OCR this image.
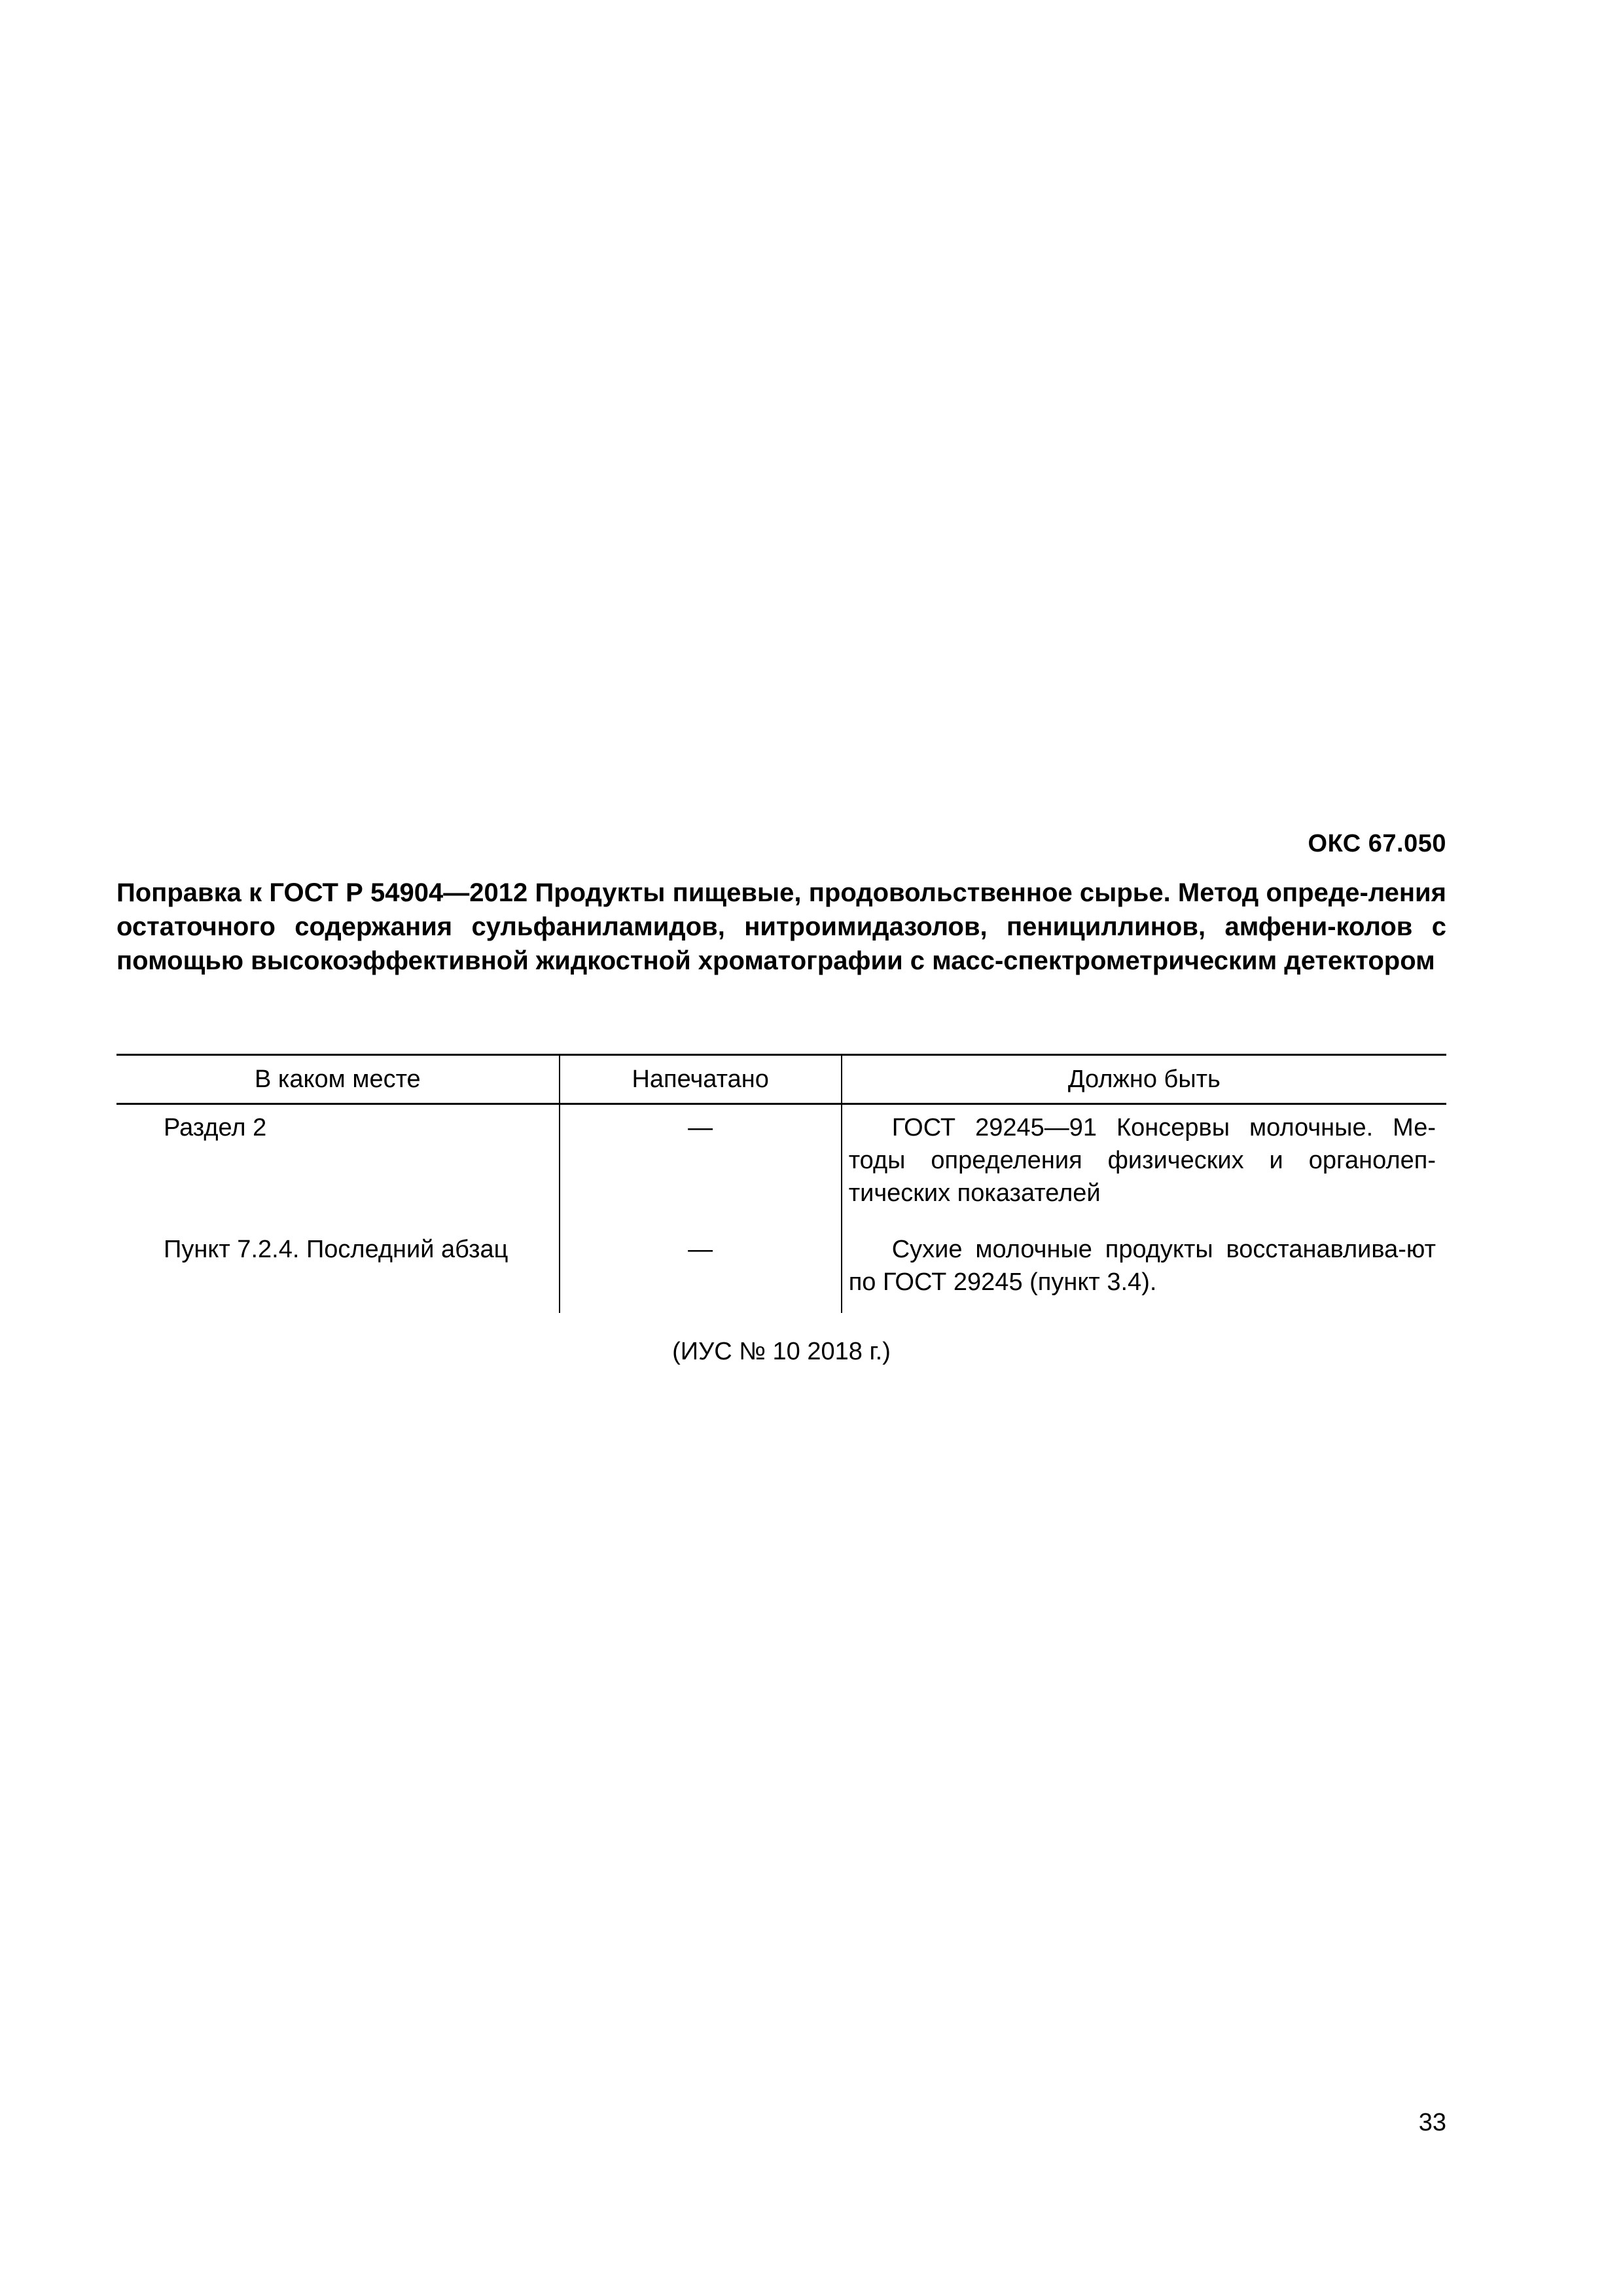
ОКС 67.050
Поправка к ГОСТ Р 54904—2012 Продукты пищевые, продовольственное сырье. Метод опреде-ления остаточного содержания сульфаниламидов, нитроимидазолов, пенициллинов, амфени-колов с помощью высокоэффективной жидкостной хроматографии с масс-спектрометрическим детектором
В каком месте	Напечатано	Должно быть
Раздел 2	—	ГОСТ 29245—91 Консервы молочные. Ме-тоды определения физических и органолеп-тических показателей
Пункт 7.2.4. Последний абзац	—	Сухие молочные продукты восстанавлива-ют по ГОСТ 29245 (пункт 3.4).
(ИУС № 10 2018 г.)
33
